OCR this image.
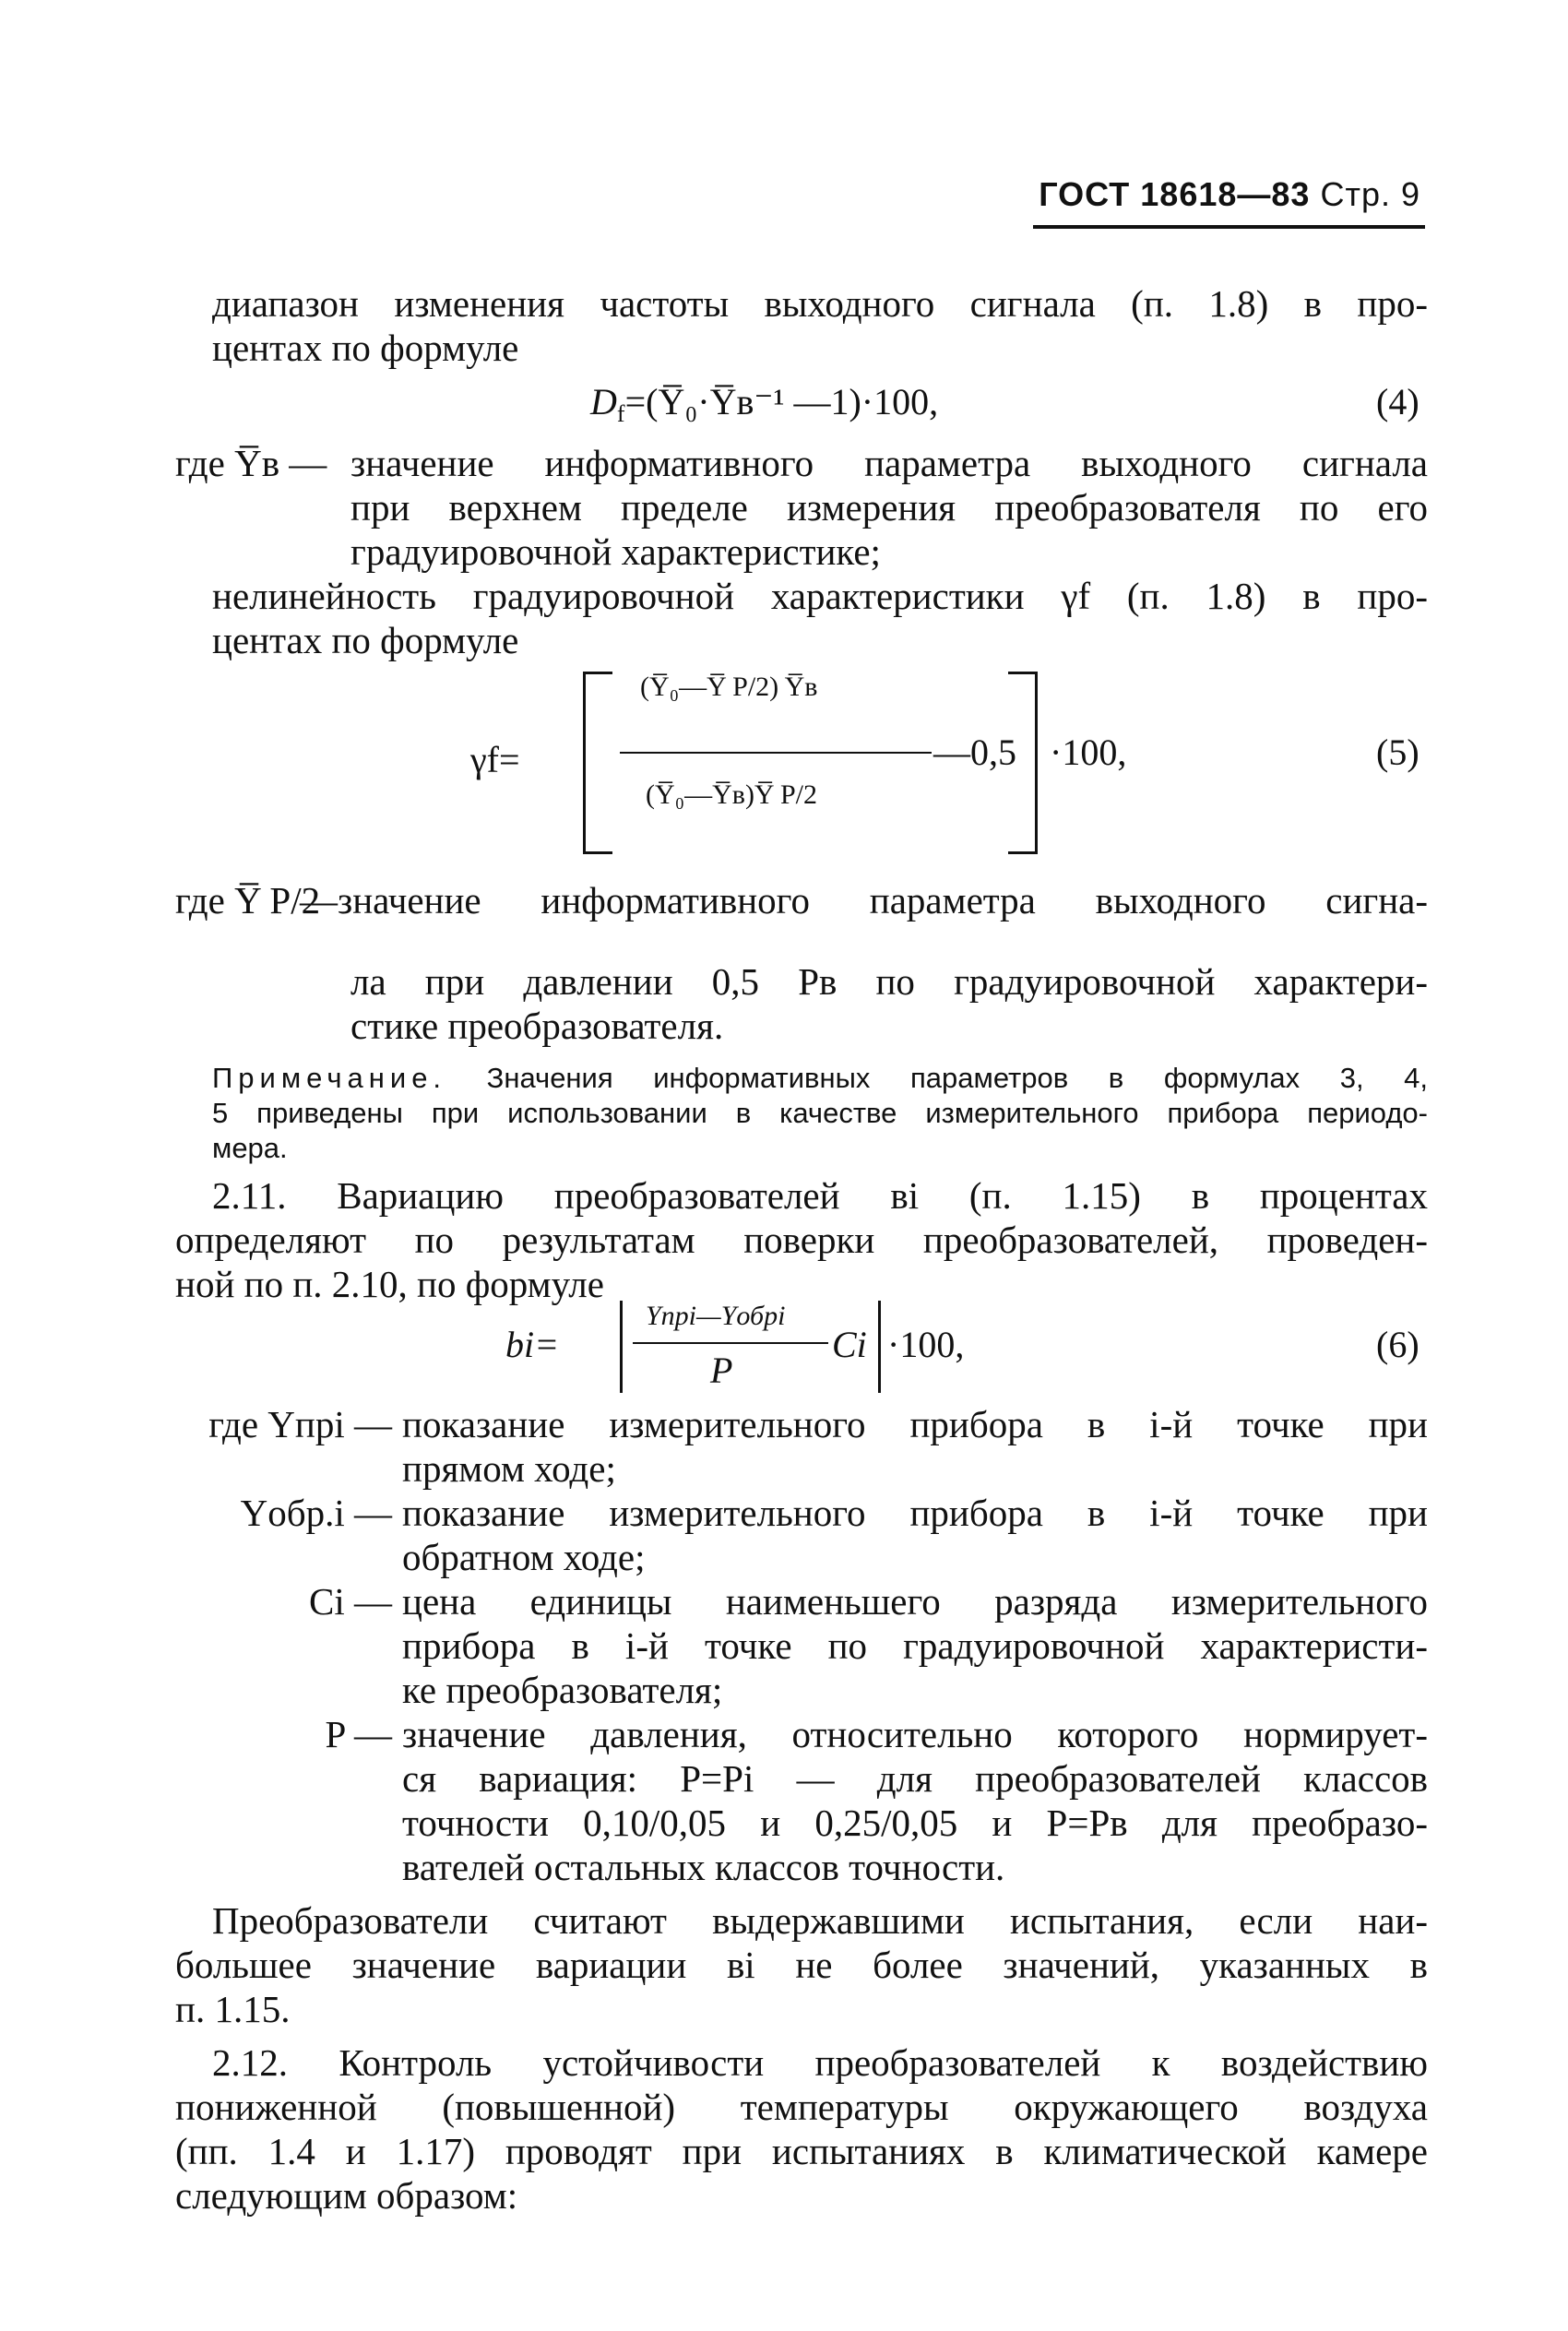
ГОСТ 18618—83 Стр. 9
диапазон изменения частоты выходного сигнала (п. 1.8) в про-
центах по формуле
$D_f=(Y̅_0\cdot Y̅в^{-1}$ —1)·100,	(4)
где Y̅в — значение информативного параметра выходного сигнала
при верхнем пределе измерения преобразователя по его
градуировочной характеристике;
нелинейность градуировочной характеристики γf (п. 1.8) в про-
центах по формуле
γf=
(Y̅₀—Y̅ P/2) Y̅в
(Y̅₀—Y̅в)Y̅ P/2
—0,5 ·100,	(5)
где Y̅ P/2
—значение информативного параметра выходного сигна-
ла при давлении 0,5 Pв по градуировочной характери-
стике преобразователя.
Примечание. Значения информативных параметров в формулах 3, 4,
5 приведены при использовании в качестве измерительного прибора периодо-
мера.
2.11. Вариацию преобразователей вi (п. 1.15) в процентах
определяют по результатам поверки преобразователей, проведен-
ной по п. 2.10, по формуле
bi=
Yпрi—Yобрi
P
Ci ·100,	(6)
где Yпрi — показание измерительного прибора в i-й точке при
прямом ходе;
Yобр.i — показание измерительного прибора в i-й точке при
обратном ходе;
Ci — цена единицы наименьшего разряда измерительного
прибора в i-й точке по градуировочной характеристи-
ке преобразователя;
P — значение давления, относительно которого нормирует-
ся вариация: P=Pi — для преобразователей классов
точности 0,10/0,05 и 0,25/0,05 и P=Pв для преобразо-
вателей остальных классов точности.
Преобразователи считают выдержавшими испытания, если наи-
большее значение вариации вi не более значений, указанных в
п. 1.15.
2.12. Контроль устойчивости преобразователей к воздействию
пониженной (повышенной) температуры окружающего воздуха
(пп. 1.4 и 1.17) проводят при испытаниях в климатической камере
следующим образом:
